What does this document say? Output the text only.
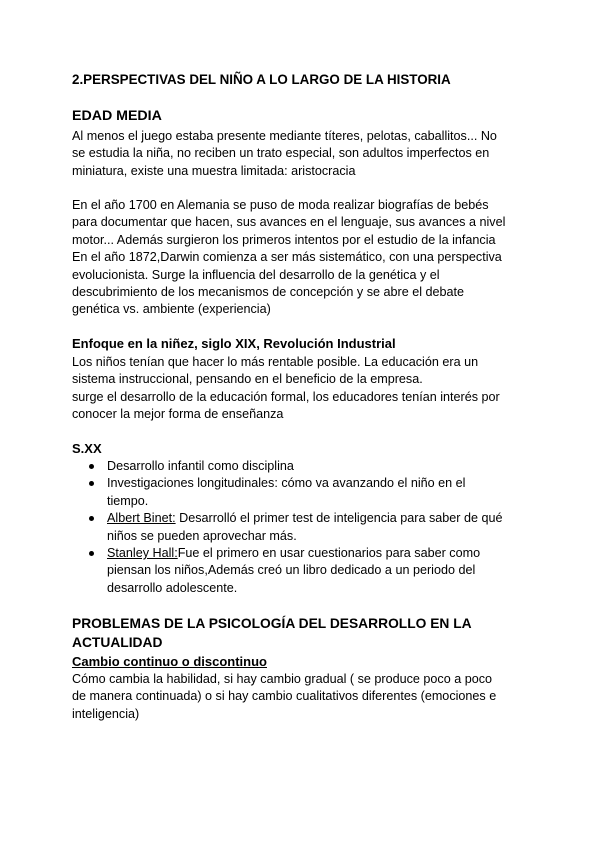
2.PERSPECTIVAS DEL NIÑO A LO LARGO DE LA HISTORIA
EDAD MEDIA

Al menos el juego estaba presente mediante títeres, pelotas, caballitos... No
se estudia la niña, no reciben un trato especial, son adultos imperfectos en
miniatura, existe una muestra limitada: aristocracia

En el año 1700 en Alemania se puso de moda realizar biografías de bebés
para documentar que hacen, sus avances en el lenguaje, sus avances a nivel
motor... Además surgieron los primeros intentos por el estudio de la infancia
En el año 1872,Darwin comienza a ser más sistemático, con una perspectiva
evolucionista. Surge la influencia del desarrollo de la genética y el
descubrimiento de los mecanismos de concepción y se abre el debate
genética vs. ambiente (experiencia)

Enfoque en la niñez, siglo XIX, Revolución Industrial

Los niños tenían que hacer lo más rentable posible. La educación era un
sistema instruccional, pensando en el beneficio de la empresa.
surge el desarrollo de la educación formal, los educadores tenían interés por
conocer la mejor forma de enseñanza

S.XX
Desarrollo infantil como disciplina
Investigaciones longitudinales: cómo va avanzando el niño en el
tiempo.
Albert Binet: Desarrolló el primer test de inteligencia para saber de qué
niños se pueden aprovechar más.
Stanley Hall:Fue el primero en usar cuestionarios para saber como
piensan los niños,Además creó un libro dedicado a un periodo del
desarrollo adolescente.
PROBLEMAS DE LA PSICOLOGÍA DEL DESARROLLO EN LA
ACTUALIDAD
Cambio continuo o discontinuo

Cómo cambia la habilidad, si hay cambio gradual ( se produce poco a poco
de manera continuada) o si hay cambio cualitativos diferentes (emociones e
inteligencia)
